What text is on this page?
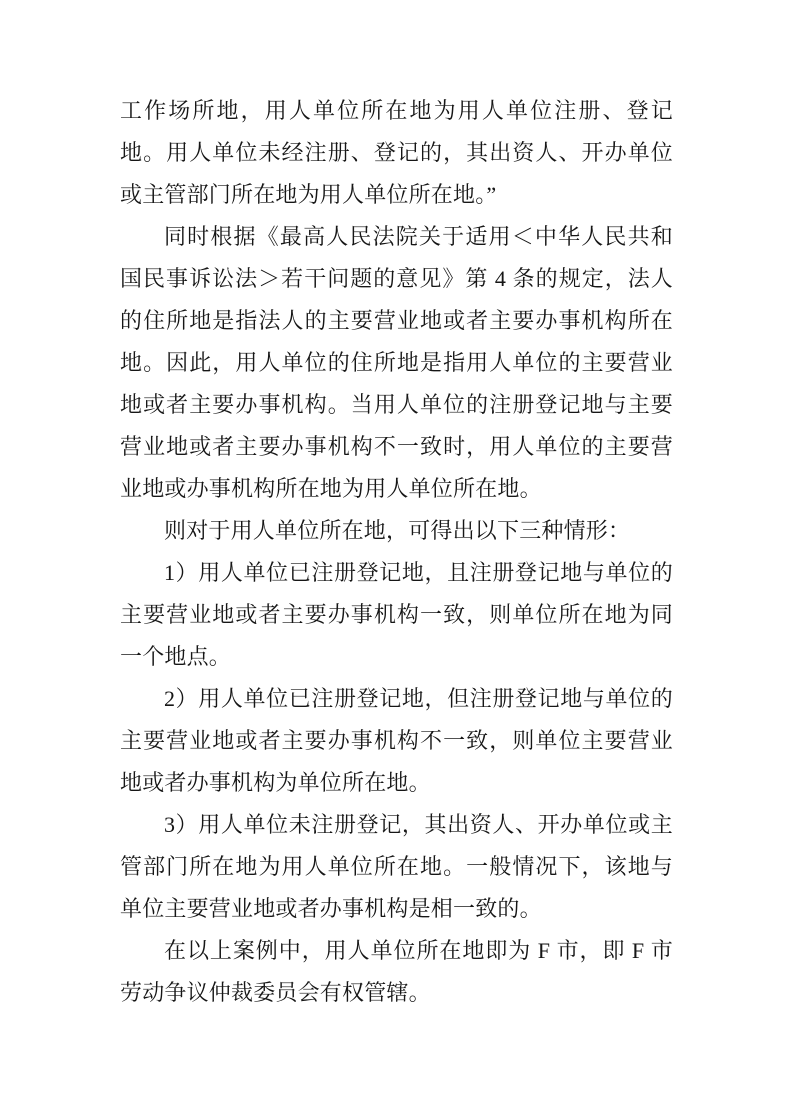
工作场所地，用人单位所在地为用人单位注册、登记地。用人单位未经注册、登记的，其出资人、开办单位或主管部门所在地为用人单位所在地。”

同时根据《最高人民法院关于适用＜中华人民共和国民事诉讼法＞若干问题的意见》第 4 条的规定，法人的住所地是指法人的主要营业地或者主要办事机构所在地。因此，用人单位的住所地是指用人单位的主要营业地或者主要办事机构。当用人单位的注册登记地与主要营业地或者主要办事机构不一致时，用人单位的主要营业地或办事机构所在地为用人单位所在地。

则对于用人单位所在地，可得出以下三种情形：

1）用人单位已注册登记地，且注册登记地与单位的主要营业地或者主要办事机构一致，则单位所在地为同一个地点。

2）用人单位已注册登记地，但注册登记地与单位的主要营业地或者主要办事机构不一致，则单位主要营业地或者办事机构为单位所在地。

3）用人单位未注册登记，其出资人、开办单位或主管部门所在地为用人单位所在地。一般情况下，该地与单位主要营业地或者办事机构是相一致的。

在以上案例中，用人单位所在地即为 F 市，即 F 市劳动争议仲裁委员会有权管辖。
